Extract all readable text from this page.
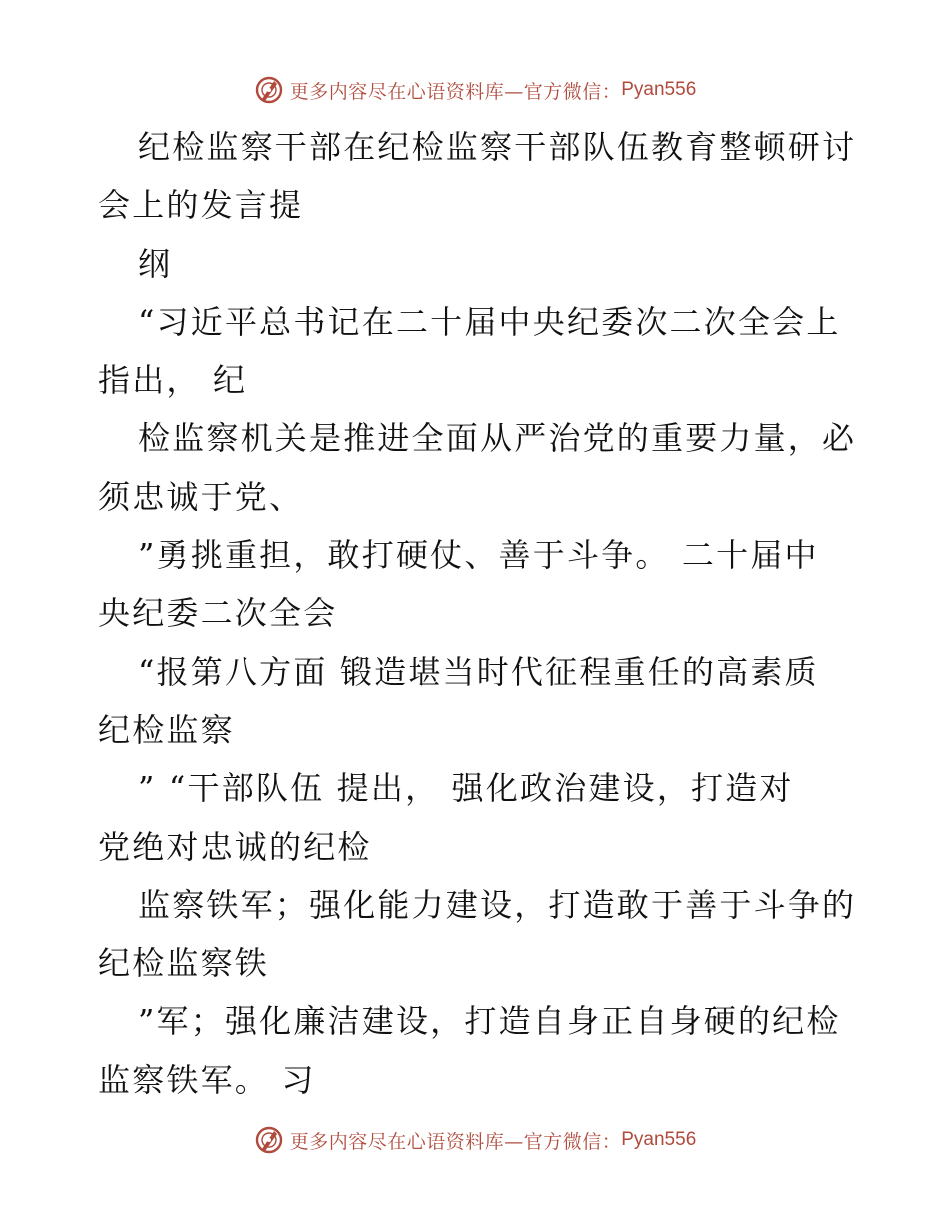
更多内容尽在心语资料库—官方微信： Pyan556
纪检监察干部在纪检监察干部队伍教育整顿研讨
会上的发言提
纲
“习近平总书记在二十届中央纪委次二次全会上
指出， 纪
检监察机关是推进全面从严治党的重要力量，必
须忠诚于党、
”勇挑重担，敢打硬仗、善于斗争。 二十届中
央纪委二次全会
“报第八方面 锻造堪当时代征程重任的高素质
纪检监察
” “干部队伍 提出， 强化政治建设，打造对
党绝对忠诚的纪检
监察铁军；强化能力建设，打造敢于善于斗争的
纪检监察铁
”军；强化廉洁建设，打造自身正自身硬的纪检
监察铁军。 习
更多内容尽在心语资料库—官方微信： Pyan556
